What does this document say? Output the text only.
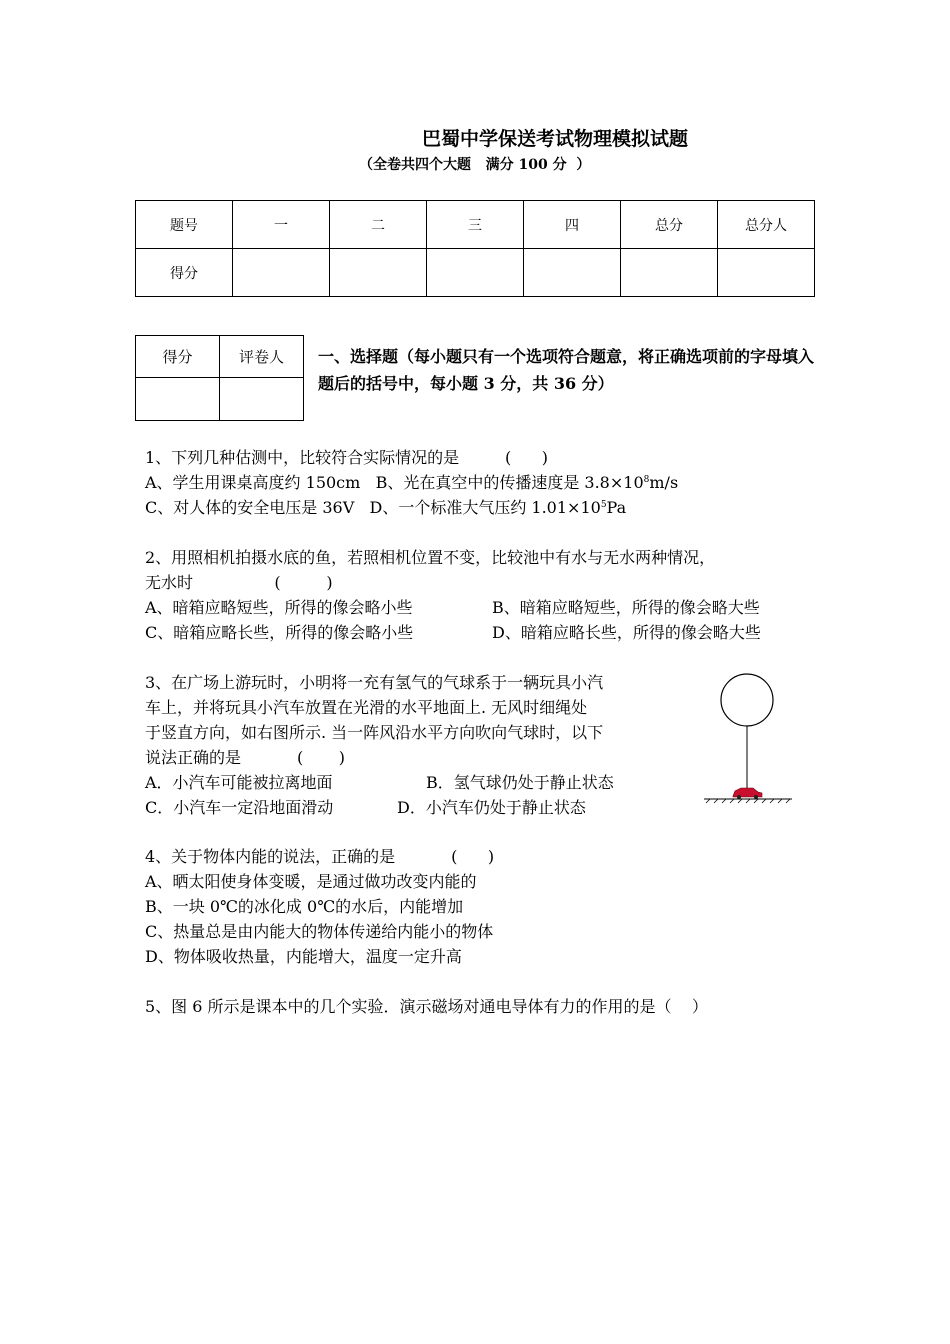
巴蜀中学保送考试物理模拟试题
（全卷共四个大题   满分 100 分  ）
题号	一	二	三	四	总分	总分人
得分						
得分	评卷人
	一、选择题（每小题只有一个选项符合题意，将正确选项前的字母填入题后的括号中，每小题 3 分，共 36 分）
1、下列几种估测中，比较符合实际情况的是         (      )
A、学生用课桌高度约 150cm   B、光在真空中的传播速度是 $3.8\times 10^8m/s$
C、对人体的安全电压是 36V   D、一个标准大气压约 $1.01\times 10^5Pa$
2、用照相机拍摄水底的鱼，若照相机位置不变，比较池中有水与无水两种情况，
无水时                (         )
A、暗箱应略短些，所得的像会略小些	B、暗箱应略短些，所得的像会略大些
C、暗箱应略长些，所得的像会略小些	D、暗箱应略长些，所得的像会略大些
3、在广场上游玩时，小明将一充有氢气的气球系于一辆玩具小汽
车上，并将玩具小汽车放置在光滑的水平地面上. 无风时细绳处
于竖直方向，如右图所示. 当一阵风沿水平方向吹向气球时，以下
说法正确的是           (       )
A．小汽车可能被拉离地面	B．氢气球仍处于静止状态
C．小汽车一定沿地面滑动	D．小汽车仍处于静止状态
4、关于物体内能的说法，正确的是           (      )
A、晒太阳使身体变暖，是通过做功改变内能的
B、一块 0℃的冰化成 0℃的水后，内能增加
C、热量总是由内能大的物体传递给内能小的物体
D、物体吸收热量，内能增大，温度一定升高
5、图 6 所示是课本中的几个实验．演示磁场对通电导体有力的作用的是（    ）
